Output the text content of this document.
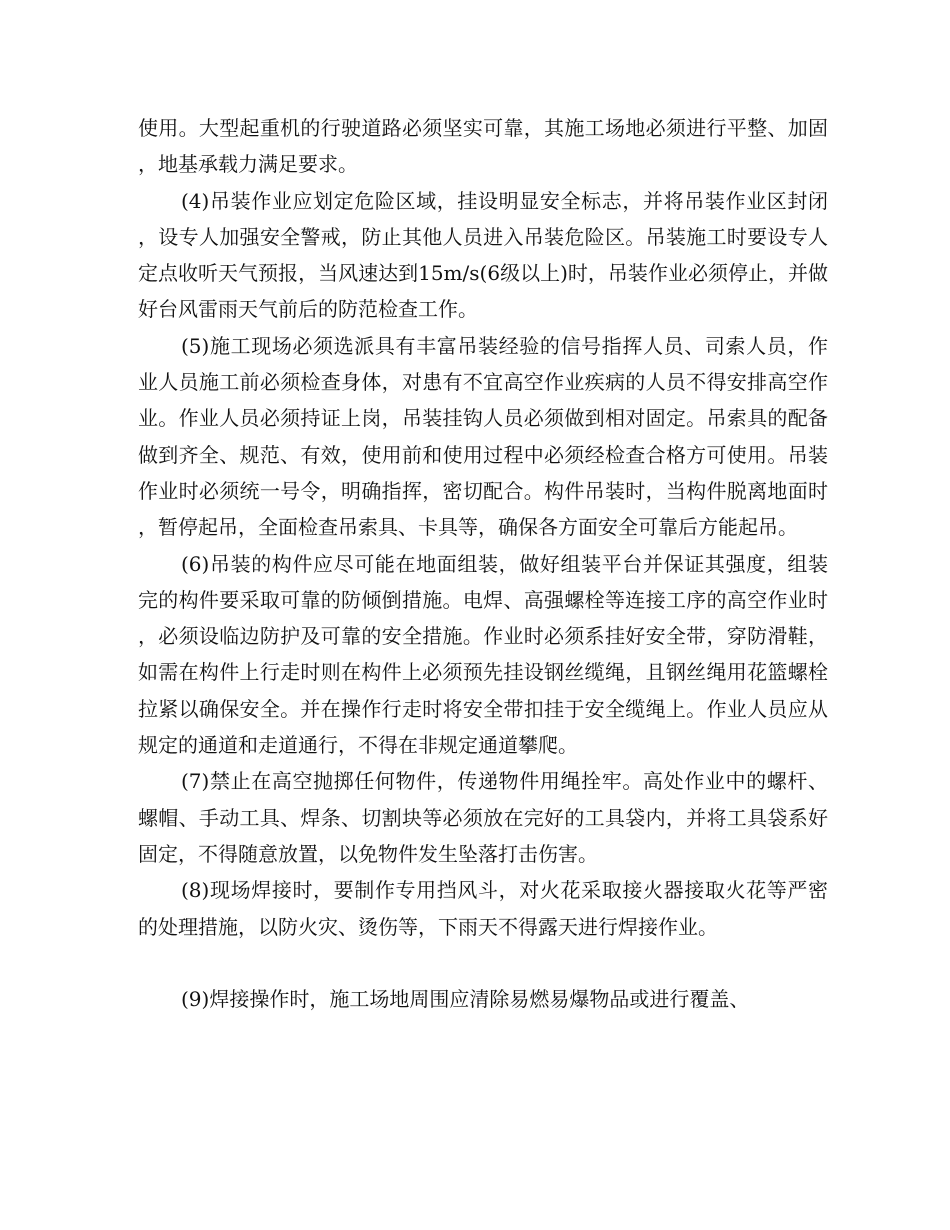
使用。大型起重机的行驶道路必须坚实可靠，其施工场地必须进行平整、加固，地基承载力满足要求。

(4)吊装作业应划定危险区域，挂设明显安全标志，并将吊装作业区封闭，设专人加强安全警戒，防止其他人员进入吊装危险区。吊装施工时要设专人定点收听天气预报，当风速达到15m/s(6级以上)时，吊装作业必须停止，并做好台风雷雨天气前后的防范检查工作。

(5)施工现场必须选派具有丰富吊装经验的信号指挥人员、司索人员，作业人员施工前必须检查身体，对患有不宜高空作业疾病的人员不得安排高空作业。作业人员必须持证上岗，吊装挂钩人员必须做到相对固定。吊索具的配备做到齐全、规范、有效，使用前和使用过程中必须经检查合格方可使用。吊装作业时必须统一号令，明确指挥，密切配合。构件吊装时，当构件脱离地面时，暂停起吊，全面检查吊索具、卡具等，确保各方面安全可靠后方能起吊。

(6)吊装的构件应尽可能在地面组装，做好组装平台并保证其强度，组装完的构件要采取可靠的防倾倒措施。电焊、高强螺栓等连接工序的高空作业时，必须设临边防护及可靠的安全措施。作业时必须系挂好安全带，穿防滑鞋，如需在构件上行走时则在构件上必须预先挂设钢丝缆绳，且钢丝绳用花篮螺栓拉紧以确保安全。并在操作行走时将安全带扣挂于安全缆绳上。作业人员应从规定的通道和走道通行，不得在非规定通道攀爬。

(7)禁止在高空抛掷任何物件，传递物件用绳拴牢。高处作业中的螺杆、螺帽、手动工具、焊条、切割块等必须放在完好的工具袋内，并将工具袋系好固定，不得随意放置，以免物件发生坠落打击伤害。

(8)现场焊接时，要制作专用挡风斗，对火花采取接火器接取火花等严密的处理措施，以防火灾、烫伤等，下雨天不得露天进行焊接作业。

(9)焊接操作时，施工场地周围应清除易燃易爆物品或进行覆盖、
